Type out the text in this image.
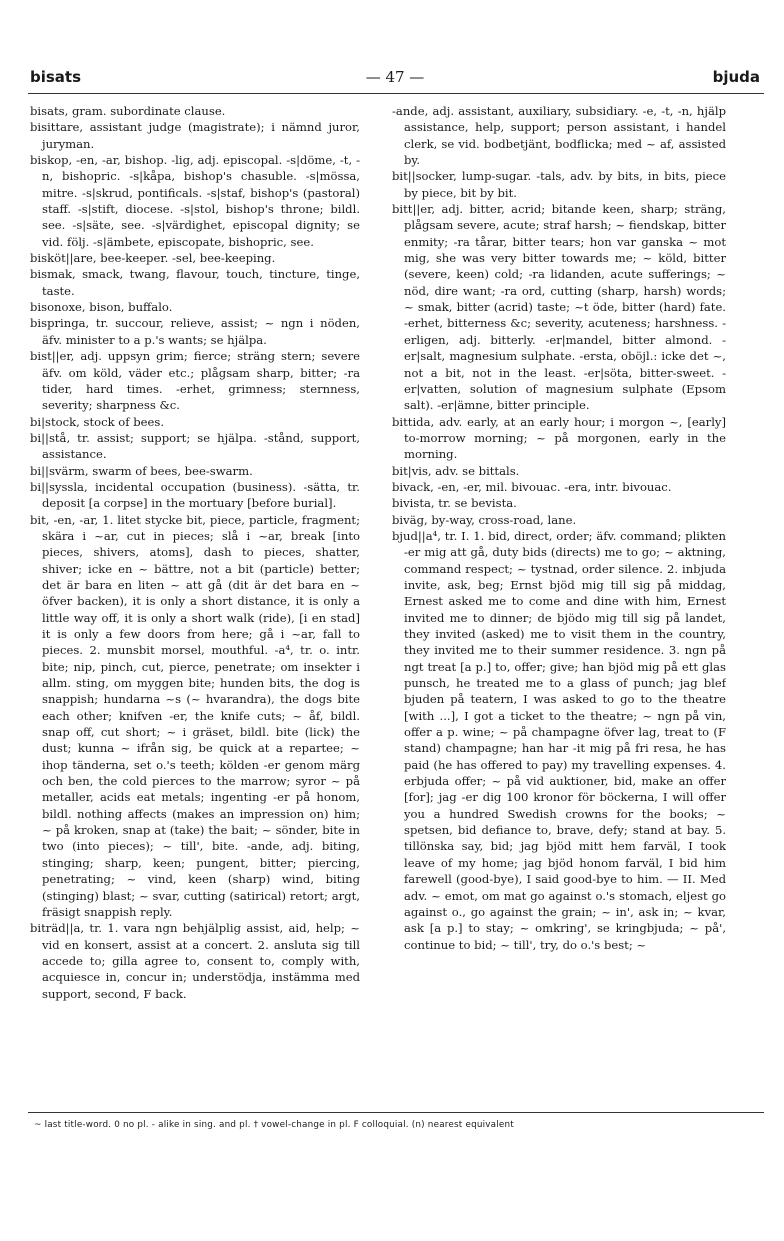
bisats	— 47 —	bjuda

bisats, gram. subordinate clause.

bisittare, assistant judge (magistrate); i nämnd juror, juryman.

biskop, -en, -ar, bishop. -lig, adj. episcopal. -s|döme, -t, -n, bishopric. -s|kåpa, bishop's chasuble. -s|mössa, mitre. -s|skrud, pontificals. -s|staf, bishop's (pastoral) staff. -s|stift, diocese. -s|stol, bishop's throne; bildl. see. -s|säte, see. -s|värdighet, episcopal dignity; se vid. följ. -s|ämbete, episcopate, bishopric, see.

bisköt||are, bee-keeper. -sel, bee-keeping.

bismak, smack, twang, flavour, touch, tincture, tinge, taste.

bisonoxe, bison, buffalo.

bispringa, tr. succour, relieve, assist; ~ ngn i nöden, äfv. minister to a p.'s wants; se hjälpa.

bist||er, adj. uppsyn grim; fierce; sträng stern; severe äfv. om köld, väder etc.; plågsam sharp, bitter; -ra tider, hard times. -erhet, grimness; sternness, severity; sharpness &c.

bi|stock, stock of bees.

bi||stå, tr. assist; support; se hjälpa. -stånd, support, assistance.

bi||svärm, swarm of bees, bee-swarm.

bi||syssla, incidental occupation (business). -sätta, tr. deposit [a corpse] in the mortuary [before burial].

bit, -en, -ar, 1. litet stycke bit, piece, particle, fragment; skära i ~ar, cut in pieces; slå i ~ar, break [into pieces, shivers, atoms], dash to pieces, shatter, shiver; icke en ~ bättre, not a bit (particle) better; det är bara en liten ~ att gå (dit är det bara en ~ öfver backen), it is only a short distance, it is only a little way off, it is only a short walk (ride), [i en stad] it is only a few doors from here; gå i ~ar, fall to pieces. 2. munsbit morsel, mouthful. -a⁴, tr. o. intr. bite; nip, pinch, cut, pierce, penetrate; om insekter i allm. sting, om myggen bite; hunden bits, the dog is snappish; hundarna ~s (~ hvarandra), the dogs bite each other; knifven -er, the knife cuts; ~ åf, bildl. snap off, cut short; ~ i gräset, bildl. bite (lick) the dust; kunna ~ ifrån sig, be quick at a repartee; ~ ihop tänderna, set o.'s teeth; kölden -er genom märg och ben, the cold pierces to the marrow; syror ~ på metaller, acids eat metals; ingenting -er på honom, bildl. nothing affects (makes an impression on) him; ~ på kroken, snap at (take) the bait; ~ sönder, bite in two (into pieces); ~ till', bite. -ande, adj. biting, stinging; sharp, keen; pungent, bitter; piercing, penetrating; ~ vind, keen (sharp) wind, biting (stinging) blast; ~ svar, cutting (satirical) retort; argt, fräsigt snappish reply.

biträd||a, tr. 1. vara ngn behjälplig assist, aid, help; ~ vid en konsert, assist at a concert. 2. ansluta sig till accede to; gilla agree to, consent to, comply with, acquiesce in, concur in; understödja, instämma med support, second, F back.

-ande, adj. assistant, auxiliary, subsidiary. -e, -t, -n, hjälp assistance, help, support; person assistant, i handel clerk, se vid. bodbetjänt, bodflicka; med ~ af, assisted by.

bit||socker, lump-sugar. -tals, adv. by bits, in bits, piece by piece, bit by bit.

bitt||er, adj. bitter, acrid; bitande keen, sharp; sträng, plågsam severe, acute; straf harsh; ~ fiendskap, bitter enmity; -ra tårar, bitter tears; hon var ganska ~ mot mig, she was very bitter towards me; ~ köld, bitter (severe, keen) cold; -ra lidanden, acute sufferings; ~ nöd, dire want; -ra ord, cutting (sharp, harsh) words; ~ smak, bitter (acrid) taste; ~t öde, bitter (hard) fate. -erhet, bitterness &c; severity, acuteness; harshness. -erligen, adj. bitterly. -er|mandel, bitter almond. -er|salt, magnesium sulphate. -ersta, oböjl.: icke det ~, not a bit, not in the least. -er|söta, bitter-sweet. -er|vatten, solution of magnesium sulphate (Epsom salt). -er|ämne, bitter principle.

bittida, adv. early, at an early hour; i morgon ~, [early] to-morrow morning; ~ på morgonen, early in the morning.

bit|vis, adv. se bittals.

bivack, -en, -er, mil. bivouac. -era, intr. bivouac.

bivista, tr. se bevista.

biväg, by-way, cross-road, lane.

bjud||a⁴, tr. I. 1. bid, direct, order; äfv. command; plikten -er mig att gå, duty bids (directs) me to go; ~ aktning, command respect; ~ tystnad, order silence. 2. inbjuda invite, ask, beg; Ernst bjöd mig till sig på middag, Ernest asked me to come and dine with him, Ernest invited me to dinner; de bjödo mig till sig på landet, they invited (asked) me to visit them in the country, they invited me to their summer residence. 3. ngn på ngt treat [a p.] to, offer; give; han bjöd mig på ett glas punsch, he treated me to a glass of punch; jag blef bjuden på teatern, I was asked to go to the theatre [with ...], I got a ticket to the theatre; ~ ngn på vin, offer a p. wine; ~ på champagne öfver lag, treat to (F stand) champagne; han har -it mig på fri resa, he has paid (he has offered to pay) my travelling expenses. 4. erbjuda offer; ~ på vid auktioner, bid, make an offer [for]; jag -er dig 100 kronor för böckerna, I will offer you a hundred Swedish crowns for the books; ~ spetsen, bid defiance to, brave, defy; stand at bay. 5. tillönska say, bid; jag bjöd mitt hem farväl, I took leave of my home; jag bjöd honom farväl, I bid him farewell (good-bye), I said good-bye to him. — II. Med adv. ~ emot, om mat go against o.'s stomach, eljest go against o., go against the grain; ~ in', ask in; ~ kvar, ask [a p.] to stay; ~ omkring', se kringbjuda; ~ på', continue to bid; ~ till', try, do o.'s best; ~

~ last title-word. 0 no pl. - alike in sing. and pl. † vowel-change in pl. F colloquial. (n) nearest equivalent
